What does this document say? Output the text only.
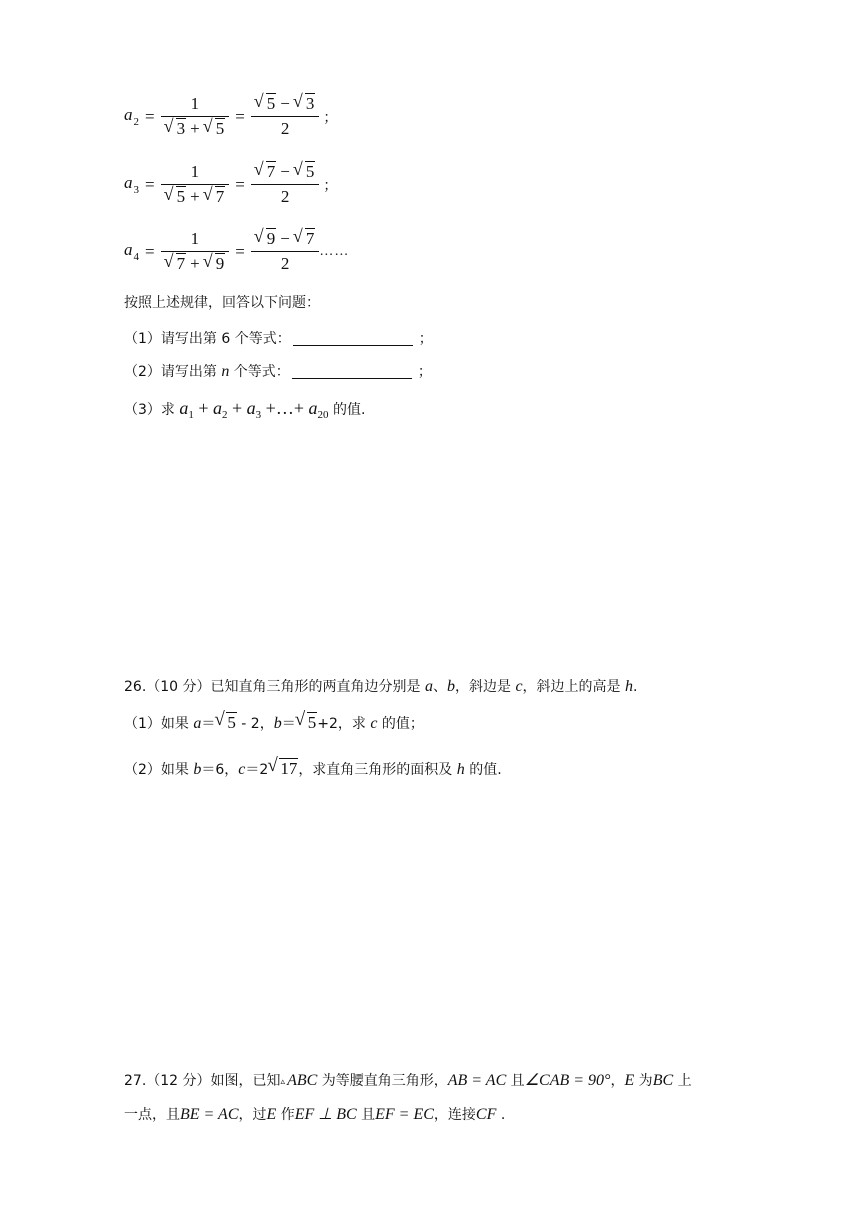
$a_2 = 1$
√ 3 + √ 5 = √ $\frac{5 - √ 3}{2}$ ；
$a_3 = 1$
√ 5 + √ 7 = √ $\frac{7 - √ 5}{2}$ ；
$a_4 = 1$
√ 7 + √ 9 = √ $\frac{9 - √ 7}{2}$ ……
按照上述规律，回答以下问题：
（1）请写出第 6 个等式：	；
（2）请写出第 n 个等式：	；
（3）求 $a_1 + a_2 + a_3$ +…+ $a_{20}$ 的值.
26.（10 分）已知直角三角形的两直角边分别是 a、b，斜边是 c，斜边上的高是 h.
（1）如果 a＝ √ 5 ‑ 2，b＝ √ 5+2，求 c 的值；
（2）如果 b＝6，c＝2 √ 17，求直角三角形的面积及 h 的值.
27.（12 分）如图，已知▵ ABC 为等腰直角三角形，AB = AC 且∠CAB = 90°，E 为BC 上
一点，且BE = AC，过E 作EF ⊥ BC 且EF = EC，连接CF .
